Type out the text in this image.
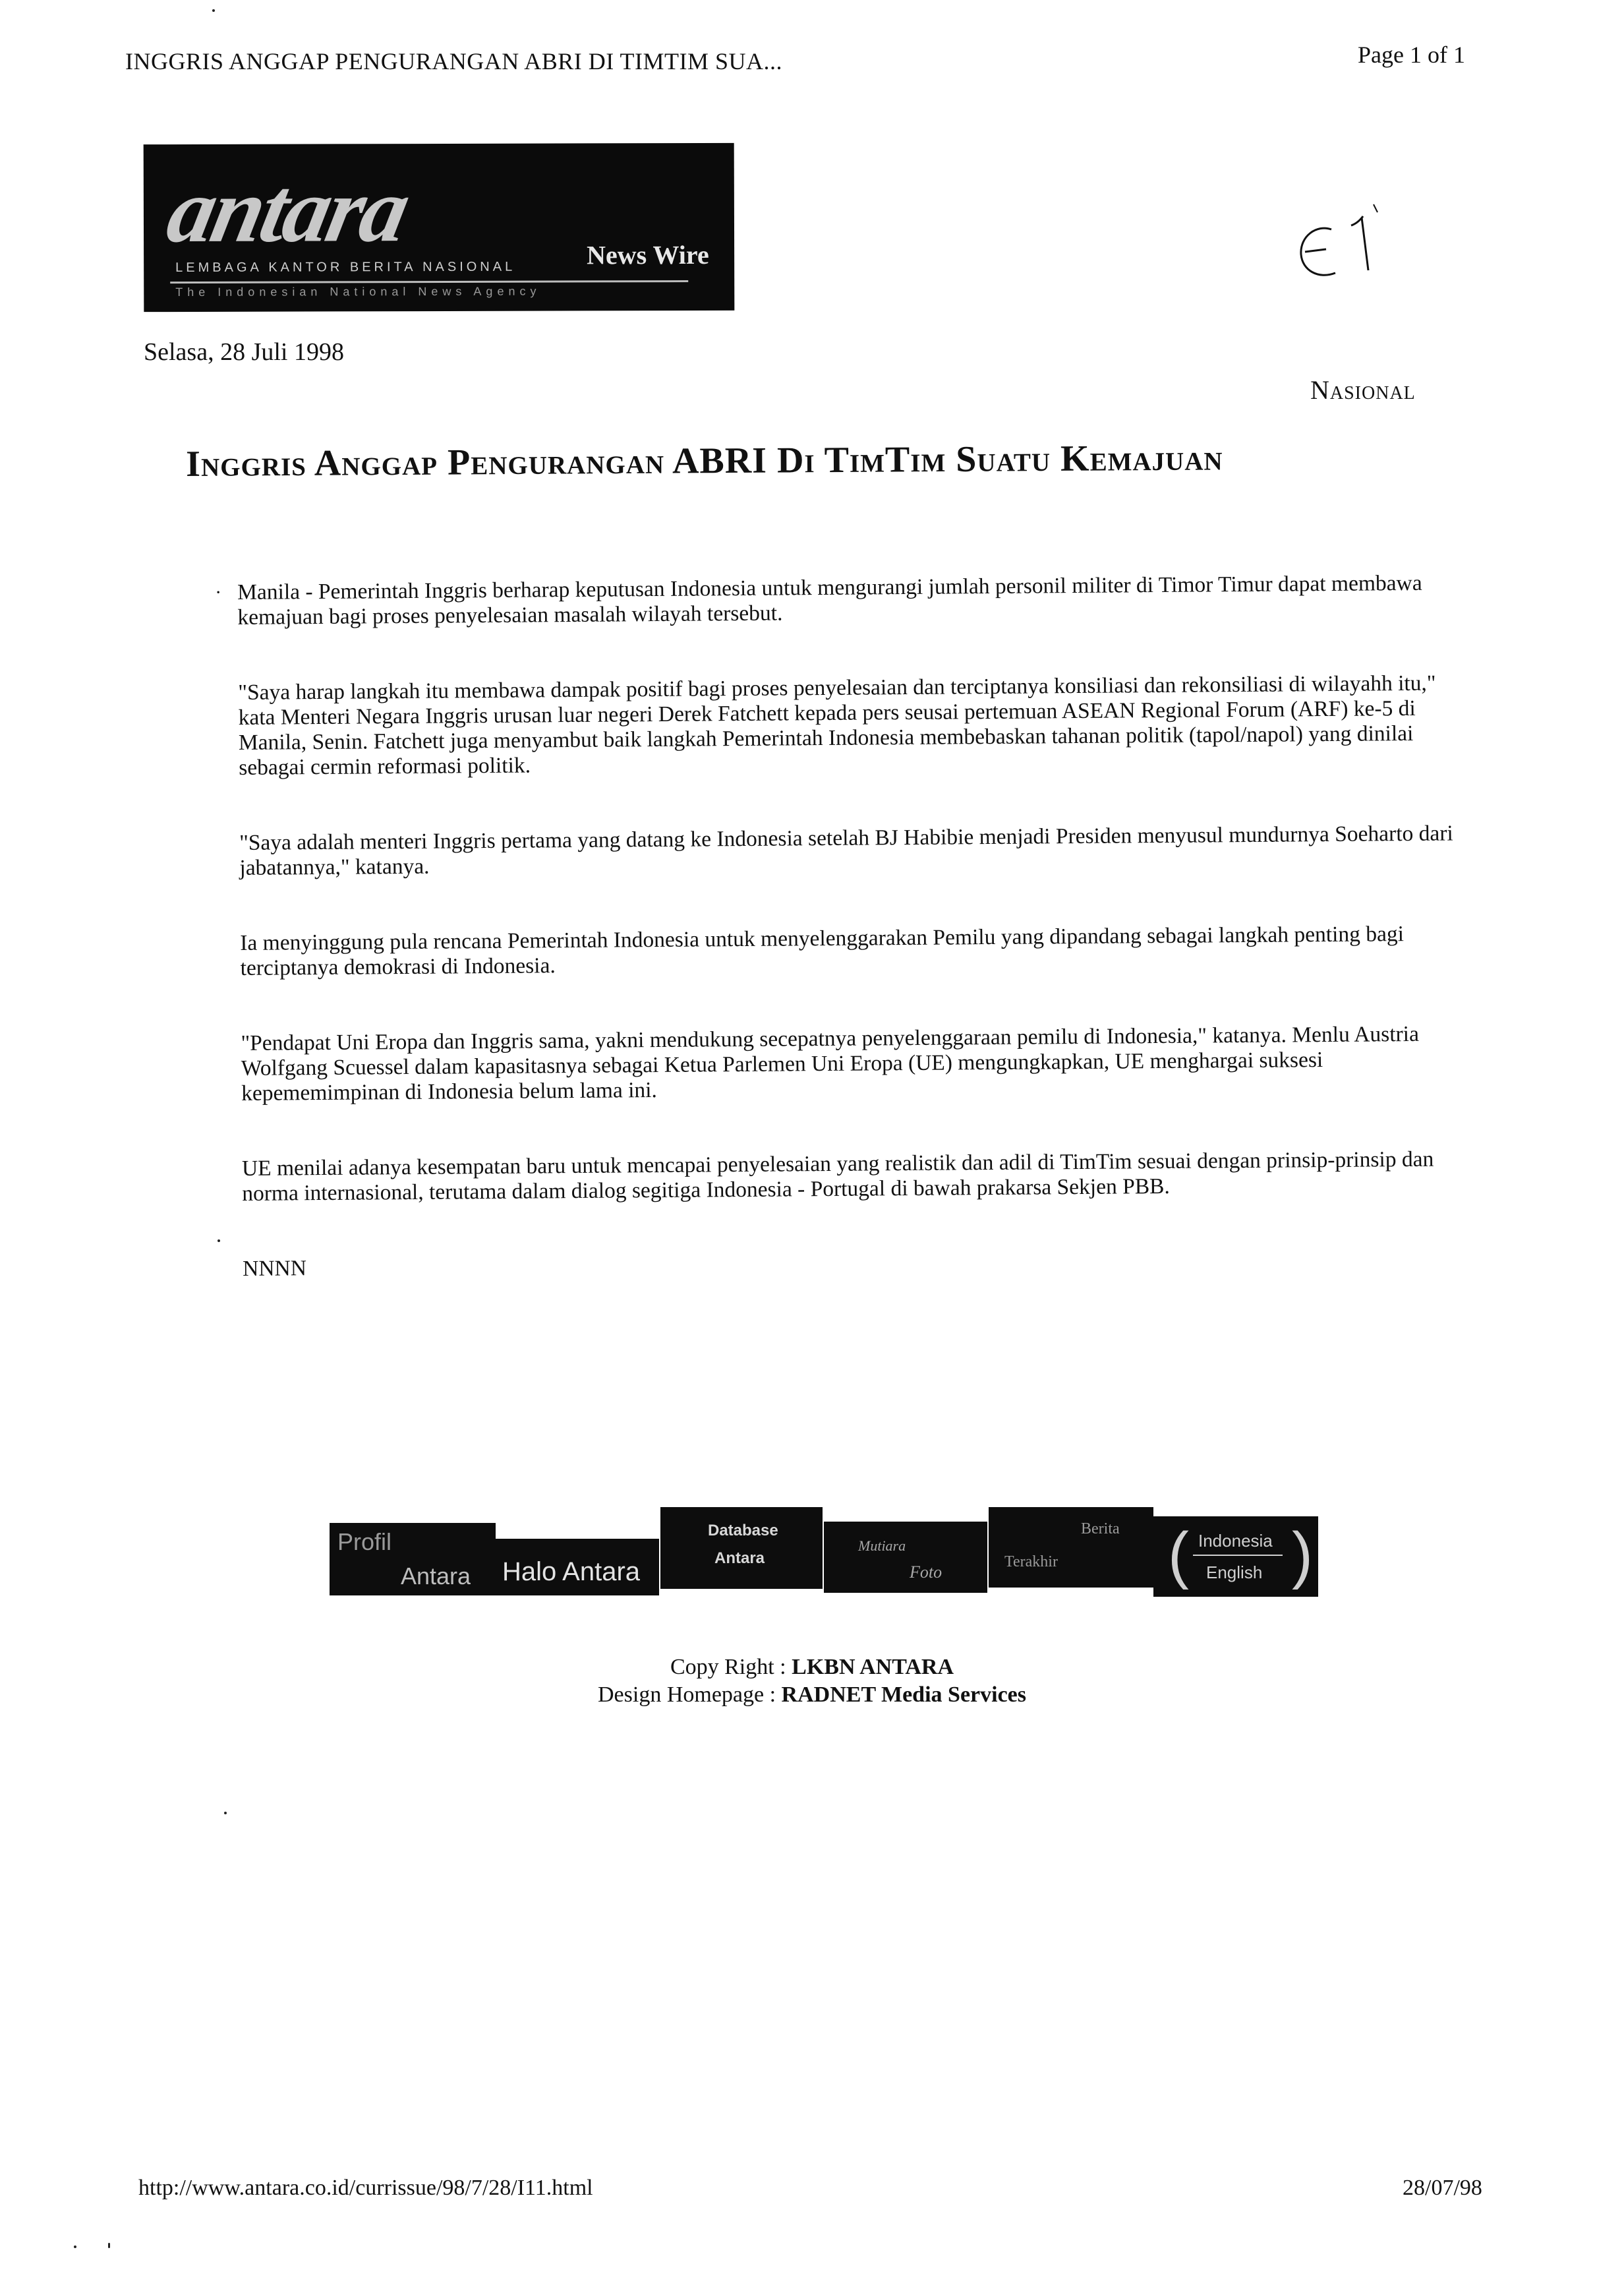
INGGRIS ANGGAP PENGURANGAN ABRI DI TIMTIM SUA...	Page 1 of 1
antara
LEMBAGA KANTOR BERITA NASIONAL
The Indonesian National News Agency
News Wire
Selasa, 28 Juli 1998
Nasional
Inggris Anggap Pengurangan ABRI Di TimTim Suatu Kemajuan
· Manila - Pemerintah Inggris berharap keputusan Indonesia untuk mengurangi jumlah personil militer di Timor Timur dapat membawa kemajuan bagi proses penyelesaian masalah wilayah tersebut.

"Saya harap langkah itu membawa dampak positif bagi proses penyelesaian dan terciptanya konsiliasi dan rekonsiliasi di wilayahh itu," kata Menteri Negara Inggris urusan luar negeri Derek Fatchett kepada pers seusai pertemuan ASEAN Regional Forum (ARF) ke-5 di Manila, Senin. Fatchett juga menyambut baik langkah Pemerintah Indonesia membebaskan tahanan politik (tapol/napol) yang dinilai sebagai cermin reformasi politik.

"Saya adalah menteri Inggris pertama yang datang ke Indonesia setelah BJ Habibie menjadi Presiden menyusul mundurnya Soeharto dari jabatannya," katanya.

Ia menyinggung pula rencana Pemerintah Indonesia untuk menyelenggarakan Pemilu yang dipandang sebagai langkah penting bagi terciptanya demokrasi di Indonesia.

"Pendapat Uni Eropa dan Inggris sama, yakni mendukung secepatnya penyelenggaraan pemilu di Indonesia," katanya. Menlu Austria Wolfgang Scuessel dalam kapasitasnya sebagai Ketua Parlemen Uni Eropa (UE) mengungkapkan, UE menghargai suksesi kepememimpinan di Indonesia belum lama ini.

UE menilai adanya kesempatan baru untuk mencapai penyelesaian yang realistik dan adil di TimTim sesuai dengan prinsip-prinsip dan norma internasional, terutama dalam dialog segitiga Indonesia - Portugal di bawah prakarsa Sekjen PBB.

NNNN

Profil
Antara Halo Antara
Database
Antara
Mutiara
Foto
Berita
Terakhir ( )
Indonesia
English
Copy Right : LKBN ANTARA
Design Homepage : RADNET Media Services
http://www.antara.co.id/currissue/98/7/28/I11.html	28/07/98
